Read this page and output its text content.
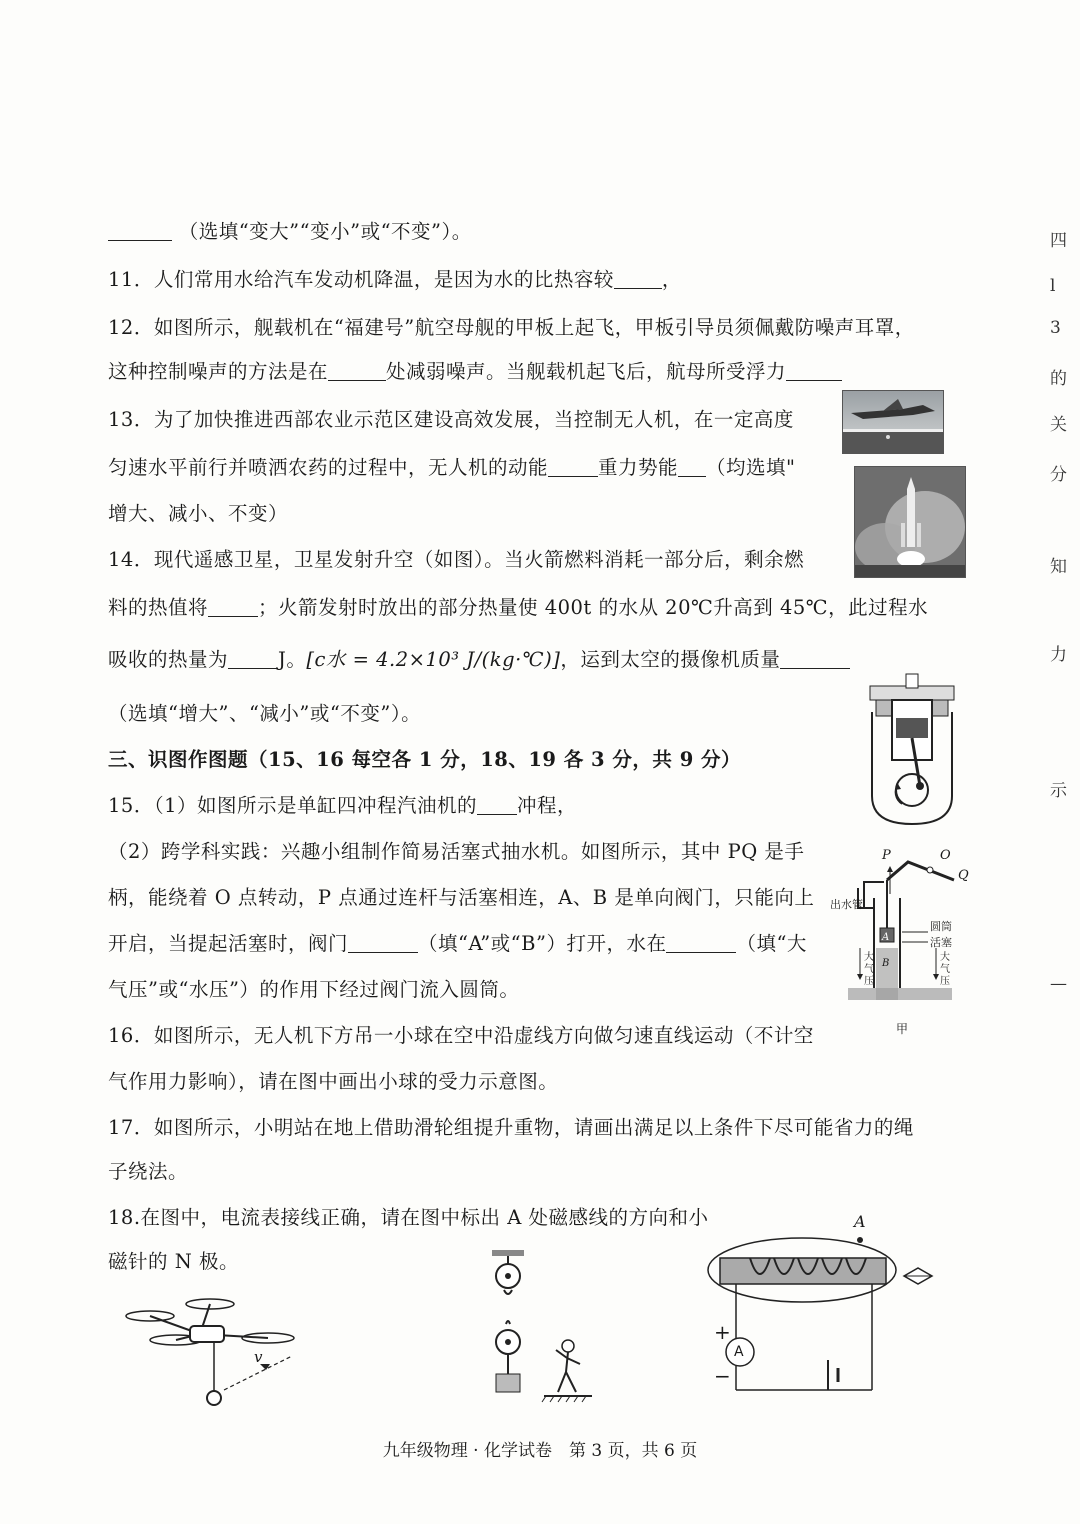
（选填“变大”“变小”或“不变”）。
11．人们常用水给汽车发动机降温，是因为水的比热容较 ，
12．如图所示，舰载机在“福建号”航空母舰的甲板上起飞，甲板引导员须佩戴防噪声耳罩，
这种控制噪声的方法是在	处减弱噪声。当舰载机起飞后，航母所受浮力
13．为了加快推进西部农业示范区建设高效发展，当控制无人机，在一定高度
匀速水平前行并喷洒农药的过程中，无人机的动能	重力势能 （均选填"
增大、减小、不变）
14．现代遥感卫星，卫星发射升空（如图）。当火箭燃料消耗一部分后，剩余燃
料的热值将	；火箭发射时放出的部分热量使 400t 的水从 20℃升高到 45℃，此过程水
吸收的热量为	J。[c水 = 4.2×10³ J/(kg·℃)]，运到太空的摄像机质量
（选填“增大”、“减小”或“不变”）。
三、识图作图题（15、16 每空各 1 分，18、19 各 3 分，共 9 分）
15．（1）如图所示是单缸四冲程汽油机的 冲程，
（2）跨学科实践：兴趣小组制作简易活塞式抽水机。如图所示，其中 PQ 是手
柄，能绕着 O 点转动，P 点通过连杆与活塞相连，A、B 是单向阀门，只能向上
开启，当提起活塞时，阀门	（填“A”或“B”）打开，水在	（填“大
气压”或“水压”）的作用下经过阀门流入圆筒。
16．如图所示，无人机下方吊一小球在空中沿虚线方向做匀速直线运动（不计空
气作用力影响），请在图中画出小球的受力示意图。
17．如图所示，小明站在地上借助滑轮组提升重物，请画出满足以上条件下尽可能省力的绳
子绕法。
18.在图中，电流表接线正确，请在图中标出 A 处磁感线的方向和小
磁针的 N 极。
四
l
3
的
关
分
知
力
示
—
P	O
Q
出水管
圆筒
活塞
大气压
大气压
A
B
甲
v
A
+
−
A
九年级物理 · 化学试卷　第 3 页，共 6 页
